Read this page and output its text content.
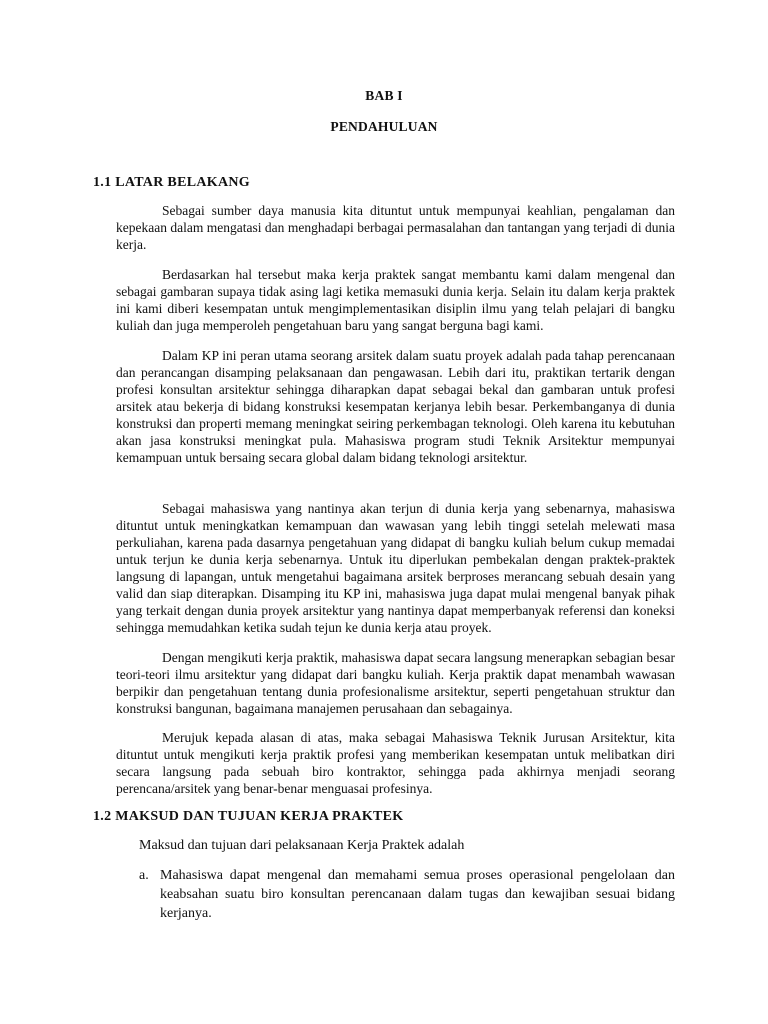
BAB I
PENDAHULUAN
1.1 LATAR BELAKANG

Sebagai sumber daya manusia kita dituntut untuk mempunyai keahlian, pengalaman dan kepekaan dalam mengatasi dan menghadapi berbagai permasalahan dan tantangan yang terjadi di dunia kerja.

Berdasarkan hal tersebut maka kerja praktek sangat membantu kami dalam mengenal dan sebagai gambaran supaya tidak asing lagi ketika memasuki dunia kerja. Selain itu dalam kerja praktek ini kami diberi kesempatan untuk mengimplementasikan disiplin ilmu yang telah pelajari di bangku kuliah dan juga memperoleh pengetahuan baru yang sangat berguna bagi kami.

Dalam KP ini peran utama seorang arsitek dalam suatu proyek adalah pada tahap perencanaan dan perancangan disamping pelaksanaan dan pengawasan. Lebih dari itu, praktikan tertarik dengan profesi konsultan arsitektur sehingga diharapkan dapat sebagai bekal dan gambaran untuk profesi arsitek atau bekerja di bidang konstruksi kesempatan kerjanya lebih besar. Perkembanganya di dunia konstruksi dan properti memang meningkat seiring perkembagan teknologi. Oleh karena itu kebutuhan akan jasa konstruksi meningkat pula. Mahasiswa program studi Teknik Arsitektur mempunyai kemampuan untuk bersaing secara global dalam bidang teknologi arsitektur.

Sebagai mahasiswa yang nantinya akan terjun di dunia kerja yang sebenarnya, mahasiswa dituntut untuk meningkatkan kemampuan dan wawasan yang lebih tinggi setelah melewati masa perkuliahan, karena pada dasarnya pengetahuan yang didapat di bangku kuliah belum cukup memadai untuk terjun ke dunia kerja sebenarnya. Untuk itu diperlukan pembekalan dengan praktek-praktek langsung di lapangan, untuk mengetahui bagaimana arsitek berproses merancang sebuah desain yang valid dan siap diterapkan. Disamping itu KP ini, mahasiswa juga dapat mulai mengenal banyak pihak yang terkait dengan dunia proyek arsitektur yang nantinya dapat memperbanyak referensi dan koneksi sehingga memudahkan ketika sudah tejun ke dunia kerja atau proyek.

Dengan mengikuti kerja praktik, mahasiswa dapat secara langsung menerapkan sebagian besar teori-teori ilmu arsitektur yang didapat dari bangku kuliah. Kerja praktik dapat menambah wawasan berpikir dan pengetahuan tentang dunia profesionalisme arsitektur, seperti pengetahuan struktur dan konstruksi bangunan, bagaimana manajemen perusahaan dan sebagainya.

Merujuk kepada alasan di atas, maka sebagai Mahasiswa Teknik Jurusan Arsitektur, kita dituntut untuk mengikuti kerja praktik profesi yang memberikan kesempatan untuk melibatkan diri secara langsung pada sebuah biro kontraktor, sehingga pada akhirnya menjadi seorang perencana/arsitek yang benar-benar menguasai profesinya.

1.2 MAKSUD DAN TUJUAN KERJA PRAKTEK
Maksud dan tujuan dari pelaksanaan Kerja Praktek adalah
a. Mahasiswa dapat mengenal dan memahami semua proses operasional pengelolaan dan keabsahan suatu biro konsultan perencanaan dalam tugas dan kewajiban sesuai bidang kerjanya.
